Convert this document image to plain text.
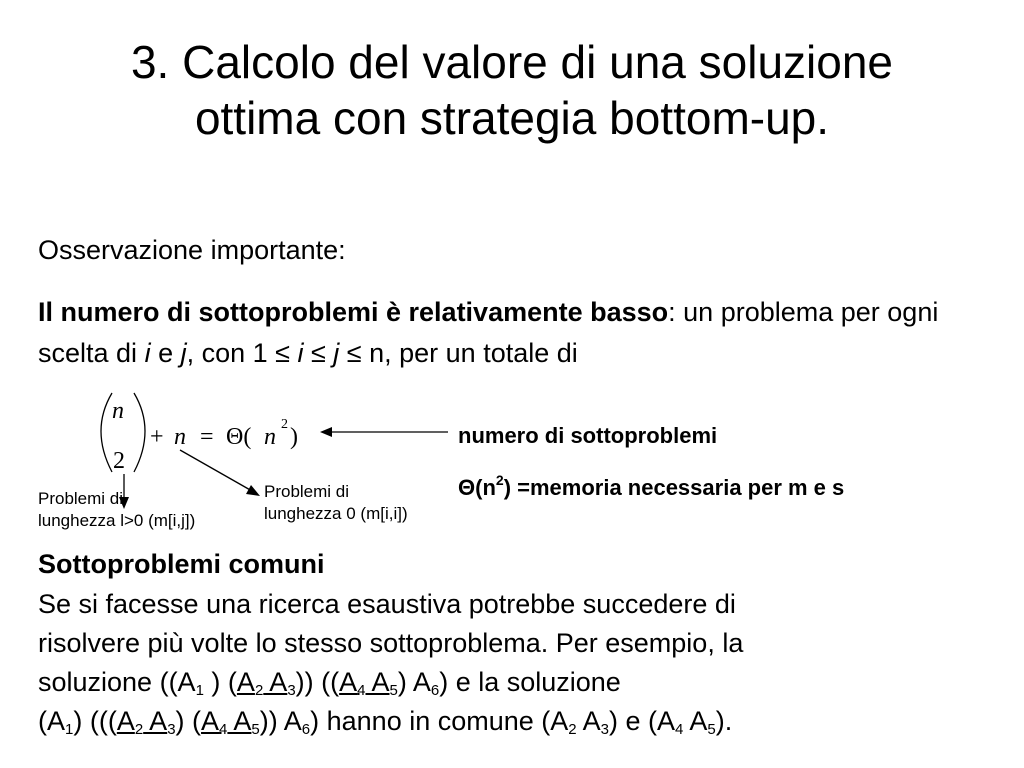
3. Calcolo del valore di una soluzione
ottima con strategia bottom-up.
Osservazione importante:
Il numero di sottoproblemi è relativamente basso: un problema per ogni scelta di i e j, con 1 ≤ i ≤ j ≤ n, per un totale di
n
2
+ n = Θ( n 2 )	numero di sottoproblemi
$\Theta(n^2)$ =memoria necessaria per m e s
Problemi di
lunghezza l>0 (m[i,j])
Problemi di
lunghezza 0 (m[i,i])
Sottoproblemi comuni
Se si facesse una ricerca esaustiva potrebbe succedere di
risolvere più volte lo stesso sottoproblema. Per esempio, la
soluzione (($A_1$ ) ($A_2$ $A_3$)) (($A_4$ $A_5$) $A_6$) e la soluzione
$(A_1)$ ((($A_2$ $A_3$) ($A_4$ $A_5$)) $A_6$) hanno in comune ($A_2$ $A_3$) e ($A_4$ $A_5$).
